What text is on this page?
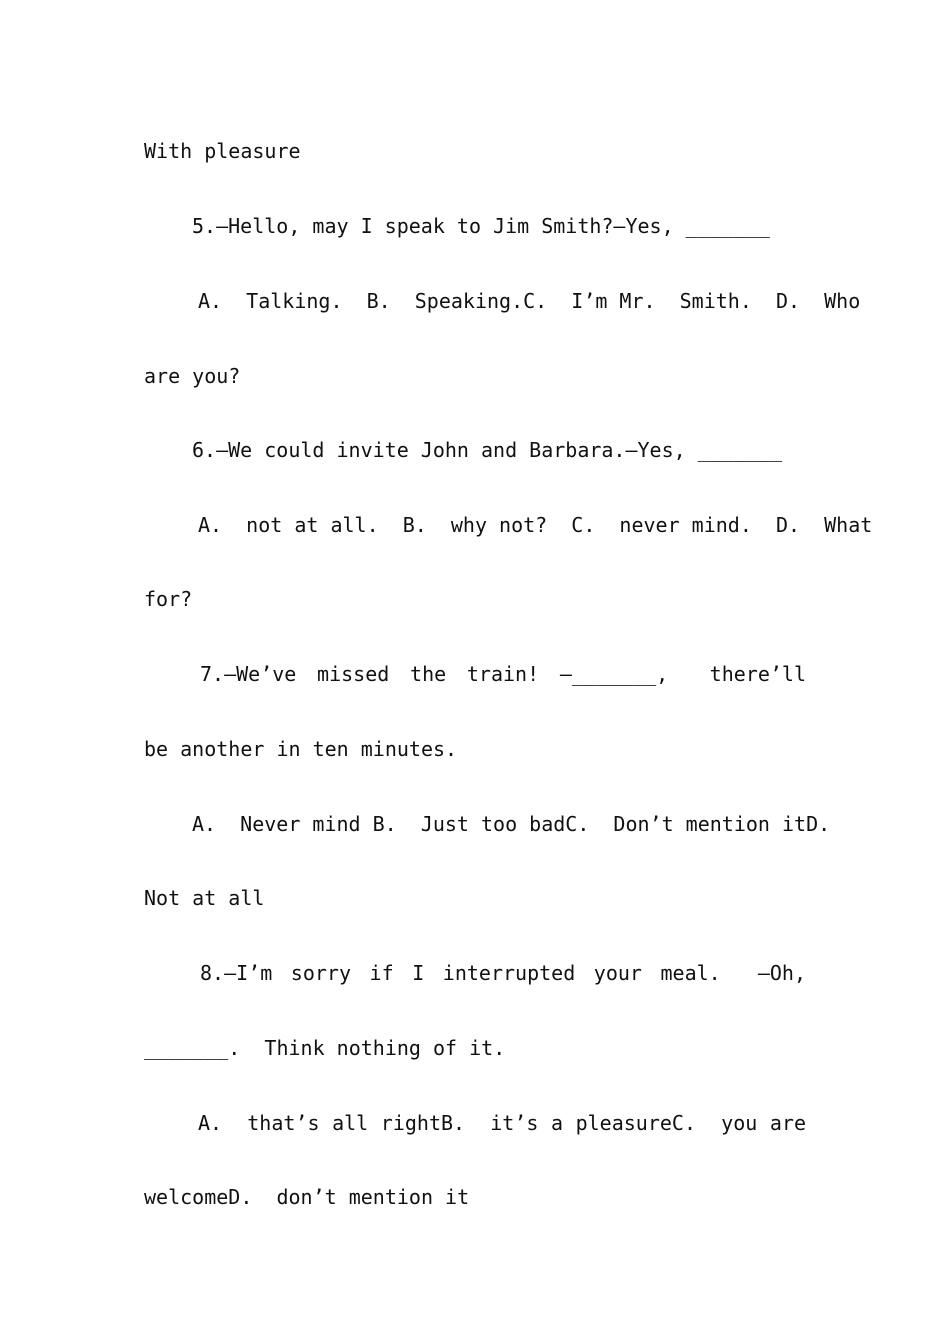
With pleasure
5.—Hello, may I speak to Jim Smith?—Yes, _______
A.  Talking.  B.  Speaking.C.  I’m Mr.  Smith.  D.  Who
are you?
6.—We could invite John and Barbara.—Yes, _______
A.  not at all.  B.  why not?  C.  never mind.  D.  What
for?
7.—We’ve missed the train! —_______,  there’ll
be another in ten minutes.
A.  Never mind B.  Just too badC.  Don’t mention itD.
Not at all
8.—I’m sorry if I interrupted your meal.  —Oh,
_______.  Think nothing of it.
A.  that’s all rightB.  it’s a pleasureC.  you are
welcomeD.  don’t mention it
